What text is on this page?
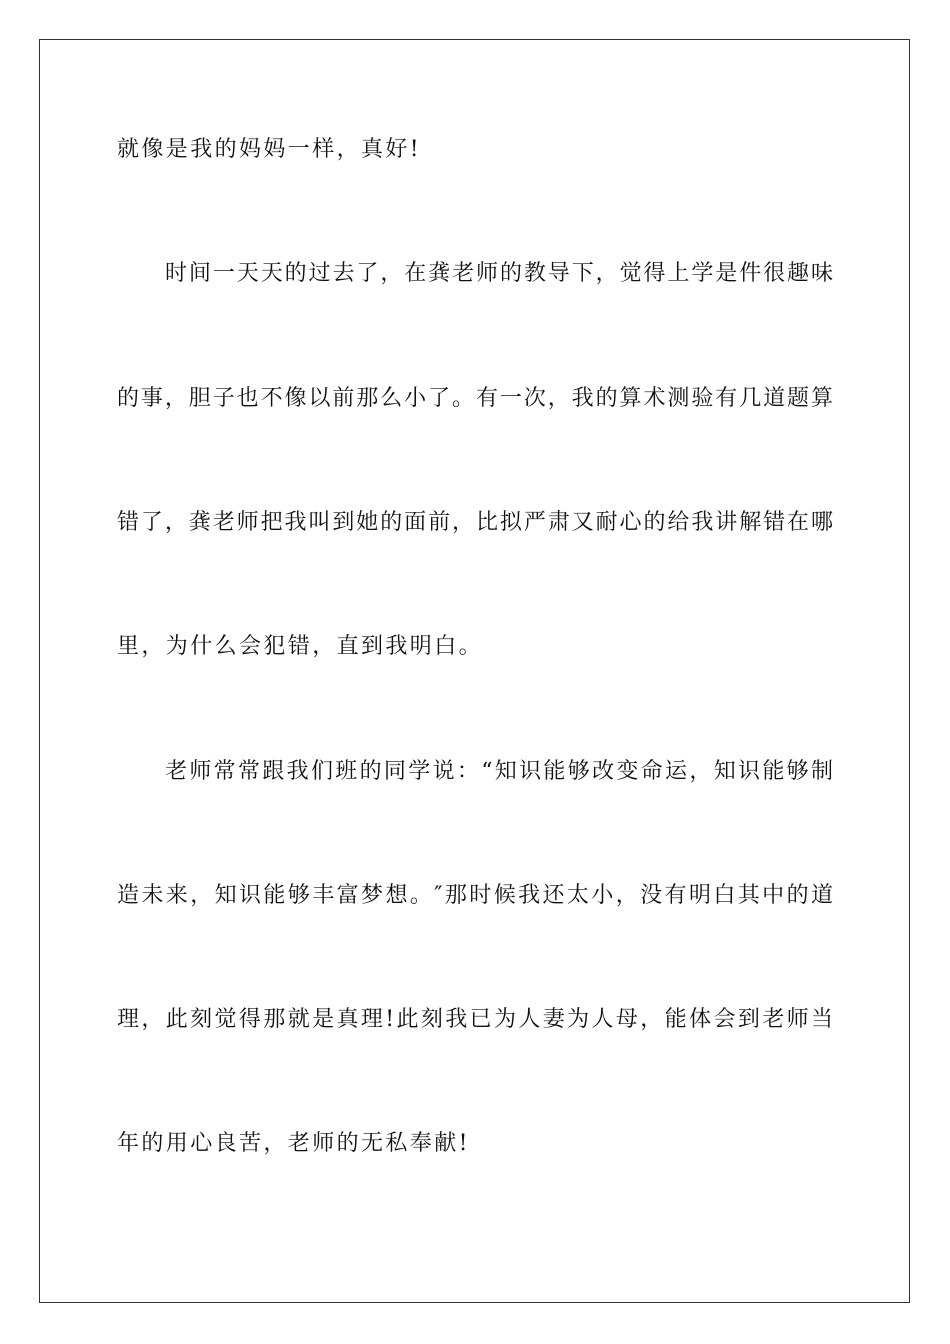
就像是我的妈妈一样，真好!
时间一天天的过去了，在龚老师的教导下，觉得上学是件很趣味
的事，胆子也不像以前那么小了。有一次，我的算术测验有几道题算
错了，龚老师把我叫到她的面前，比拟严肃又耐心的给我讲解错在哪
里，为什么会犯错，直到我明白。
老师常常跟我们班的同学说：“知识能够改变命运，知识能够制
造未来，知识能够丰富梦想。″那时候我还太小，没有明白其中的道
理，此刻觉得那就是真理!此刻我已为人妻为人母，能体会到老师当
年的用心良苦，老师的无私奉献!
